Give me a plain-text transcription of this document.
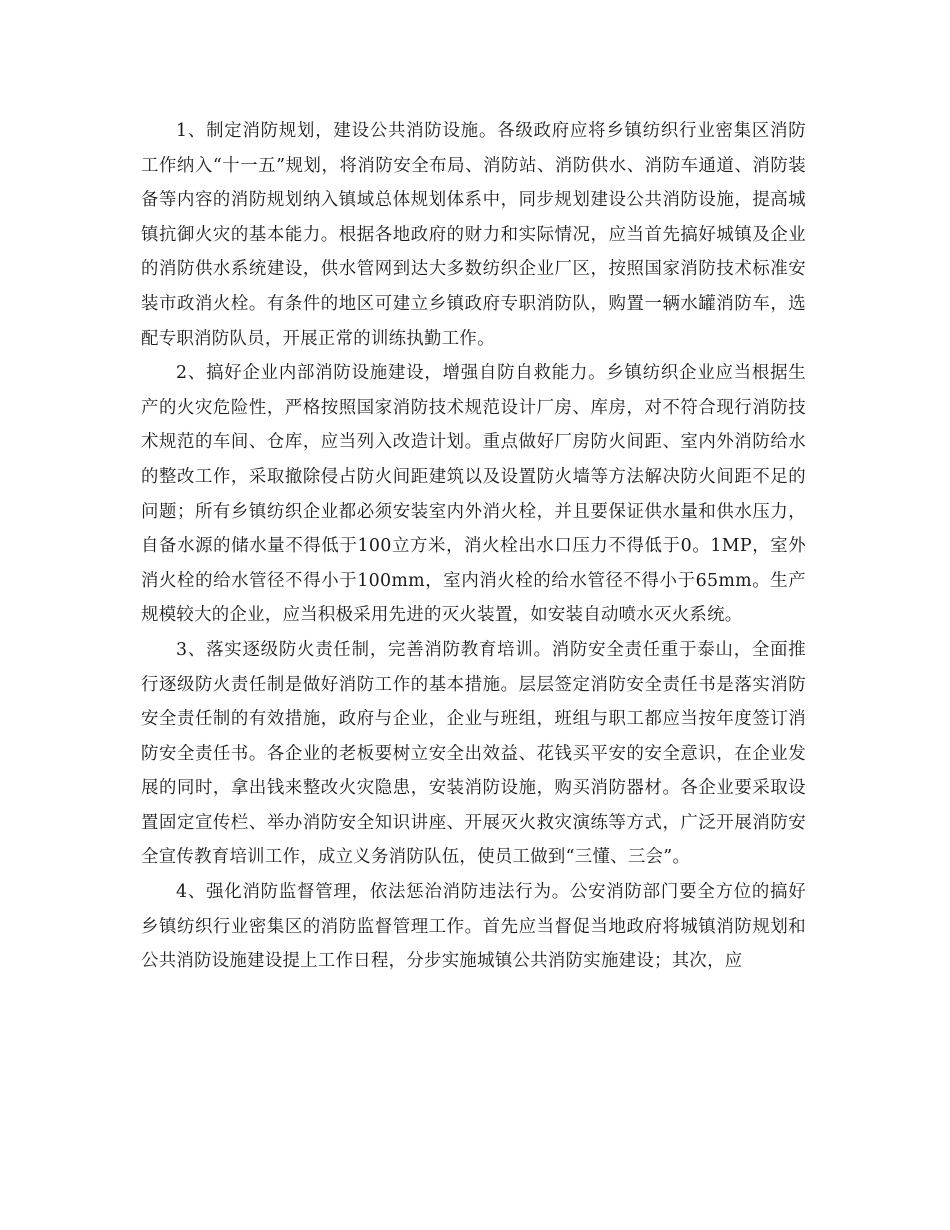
1、制定消防规划，建设公共消防设施。各级政府应将乡镇纺织行业密集区消防工作纳入“十一五”规划，将消防安全布局、消防站、消防供水、消防车通道、消防装备等内容的消防规划纳入镇域总体规划体系中，同步规划建设公共消防设施，提高城镇抗御火灾的基本能力。根据各地政府的财力和实际情况，应当首先搞好城镇及企业的消防供水系统建设，供水管网到达大多数纺织企业厂区，按照国家消防技术标准安装市政消火栓。有条件的地区可建立乡镇政府专职消防队，购置一辆水罐消防车，选配专职消防队员，开展正常的训练执勤工作。

2、搞好企业内部消防设施建设，增强自防自救能力。乡镇纺织企业应当根据生产的火灾危险性，严格按照国家消防技术规范设计厂房、库房，对不符合现行消防技术规范的车间、仓库，应当列入改造计划。重点做好厂房防火间距、室内外消防给水的整改工作，采取撤除侵占防火间距建筑以及设置防火墙等方法解决防火间距不足的问题；所有乡镇纺织企业都必须安装室内外消火栓，并且要保证供水量和供水压力，自备水源的储水量不得低于100立方米，消火栓出水口压力不得低于0。1MP，室外消火栓的给水管径不得小于100mm，室内消火栓的给水管径不得小于65mm。生产规模较大的企业，应当积极采用先进的灭火装置，如安装自动喷水灭火系统。

3、落实逐级防火责任制，完善消防教育培训。消防安全责任重于泰山，全面推行逐级防火责任制是做好消防工作的基本措施。层层签定消防安全责任书是落实消防安全责任制的有效措施，政府与企业，企业与班组，班组与职工都应当按年度签订消防安全责任书。各企业的老板要树立安全出效益、花钱买平安的安全意识，在企业发展的同时，拿出钱来整改火灾隐患，安装消防设施，购买消防器材。各企业要采取设置固定宣传栏、举办消防安全知识讲座、开展灭火救灾演练等方式，广泛开展消防安全宣传教育培训工作，成立义务消防队伍，使员工做到“三懂、三会”。

4、强化消防监督管理，依法惩治消防违法行为。公安消防部门要全方位的搞好乡镇纺织行业密集区的消防监督管理工作。首先应当督促当地政府将城镇消防规划和公共消防设施建设提上工作日程，分步实施城镇公共消防实施建设；其次，应
